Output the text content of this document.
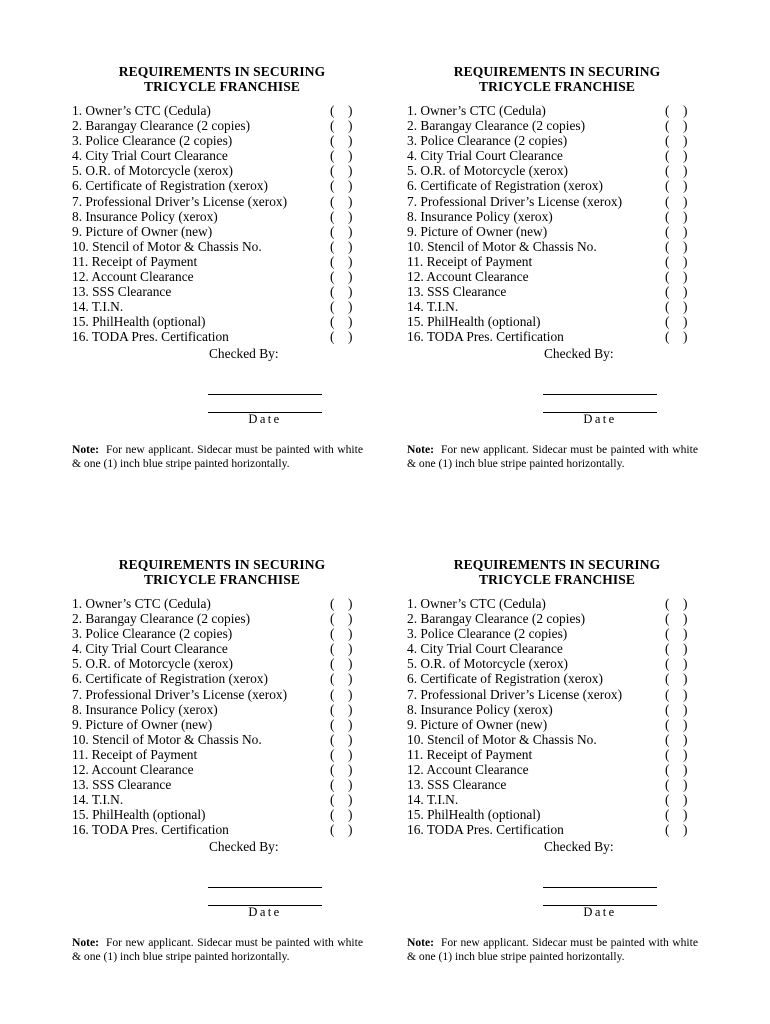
REQUIREMENTS IN SECURING
TRICYCLE FRANCHISE
1. Owner’s CTC (Cedula)	( )
2. Barangay Clearance (2 copies)	( )
3. Police Clearance (2 copies)	( )
4. City Trial Court Clearance	( )
5. O.R. of Motorcycle (xerox)	( )
6. Certificate of Registration (xerox)	( )
7. Professional Driver’s License (xerox)	( )
8. Insurance Policy (xerox)	( )
9. Picture of Owner (new)	( )
10. Stencil of Motor & Chassis No.	( )
11. Receipt of Payment	( )
12. Account Clearance	( )
13. SSS Clearance	( )
14. T.I.N.	( )
15. PhilHealth (optional)	( )
16. TODA Pres. Certification	( )
Checked By:
Date
Note: For new applicant. Sidecar must be painted with white & one (1) inch blue stripe painted horizontally.
REQUIREMENTS IN SECURING
TRICYCLE FRANCHISE
1. Owner’s CTC (Cedula)	( )
2. Barangay Clearance (2 copies)	( )
3. Police Clearance (2 copies)	( )
4. City Trial Court Clearance	( )
5. O.R. of Motorcycle (xerox)	( )
6. Certificate of Registration (xerox)	( )
7. Professional Driver’s License (xerox)	( )
8. Insurance Policy (xerox)	( )
9. Picture of Owner (new)	( )
10. Stencil of Motor & Chassis No.	( )
11. Receipt of Payment	( )
12. Account Clearance	( )
13. SSS Clearance	( )
14. T.I.N.	( )
15. PhilHealth (optional)	( )
16. TODA Pres. Certification	( )
Checked By:
Date
Note: For new applicant. Sidecar must be painted with white & one (1) inch blue stripe painted horizontally.
REQUIREMENTS IN SECURING
TRICYCLE FRANCHISE
1. Owner’s CTC (Cedula)	( )
2. Barangay Clearance (2 copies)	( )
3. Police Clearance (2 copies)	( )
4. City Trial Court Clearance	( )
5. O.R. of Motorcycle (xerox)	( )
6. Certificate of Registration (xerox)	( )
7. Professional Driver’s License (xerox)	( )
8. Insurance Policy (xerox)	( )
9. Picture of Owner (new)	( )
10. Stencil of Motor & Chassis No.	( )
11. Receipt of Payment	( )
12. Account Clearance	( )
13. SSS Clearance	( )
14. T.I.N.	( )
15. PhilHealth (optional)	( )
16. TODA Pres. Certification	( )
Checked By:
Date
Note: For new applicant. Sidecar must be painted with white & one (1) inch blue stripe painted horizontally.
REQUIREMENTS IN SECURING
TRICYCLE FRANCHISE
1. Owner’s CTC (Cedula)	( )
2. Barangay Clearance (2 copies)	( )
3. Police Clearance (2 copies)	( )
4. City Trial Court Clearance	( )
5. O.R. of Motorcycle (xerox)	( )
6. Certificate of Registration (xerox)	( )
7. Professional Driver’s License (xerox)	( )
8. Insurance Policy (xerox)	( )
9. Picture of Owner (new)	( )
10. Stencil of Motor & Chassis No.	( )
11. Receipt of Payment	( )
12. Account Clearance	( )
13. SSS Clearance	( )
14. T.I.N.	( )
15. PhilHealth (optional)	( )
16. TODA Pres. Certification	( )
Checked By:
Date
Note: For new applicant. Sidecar must be painted with white & one (1) inch blue stripe painted horizontally.
